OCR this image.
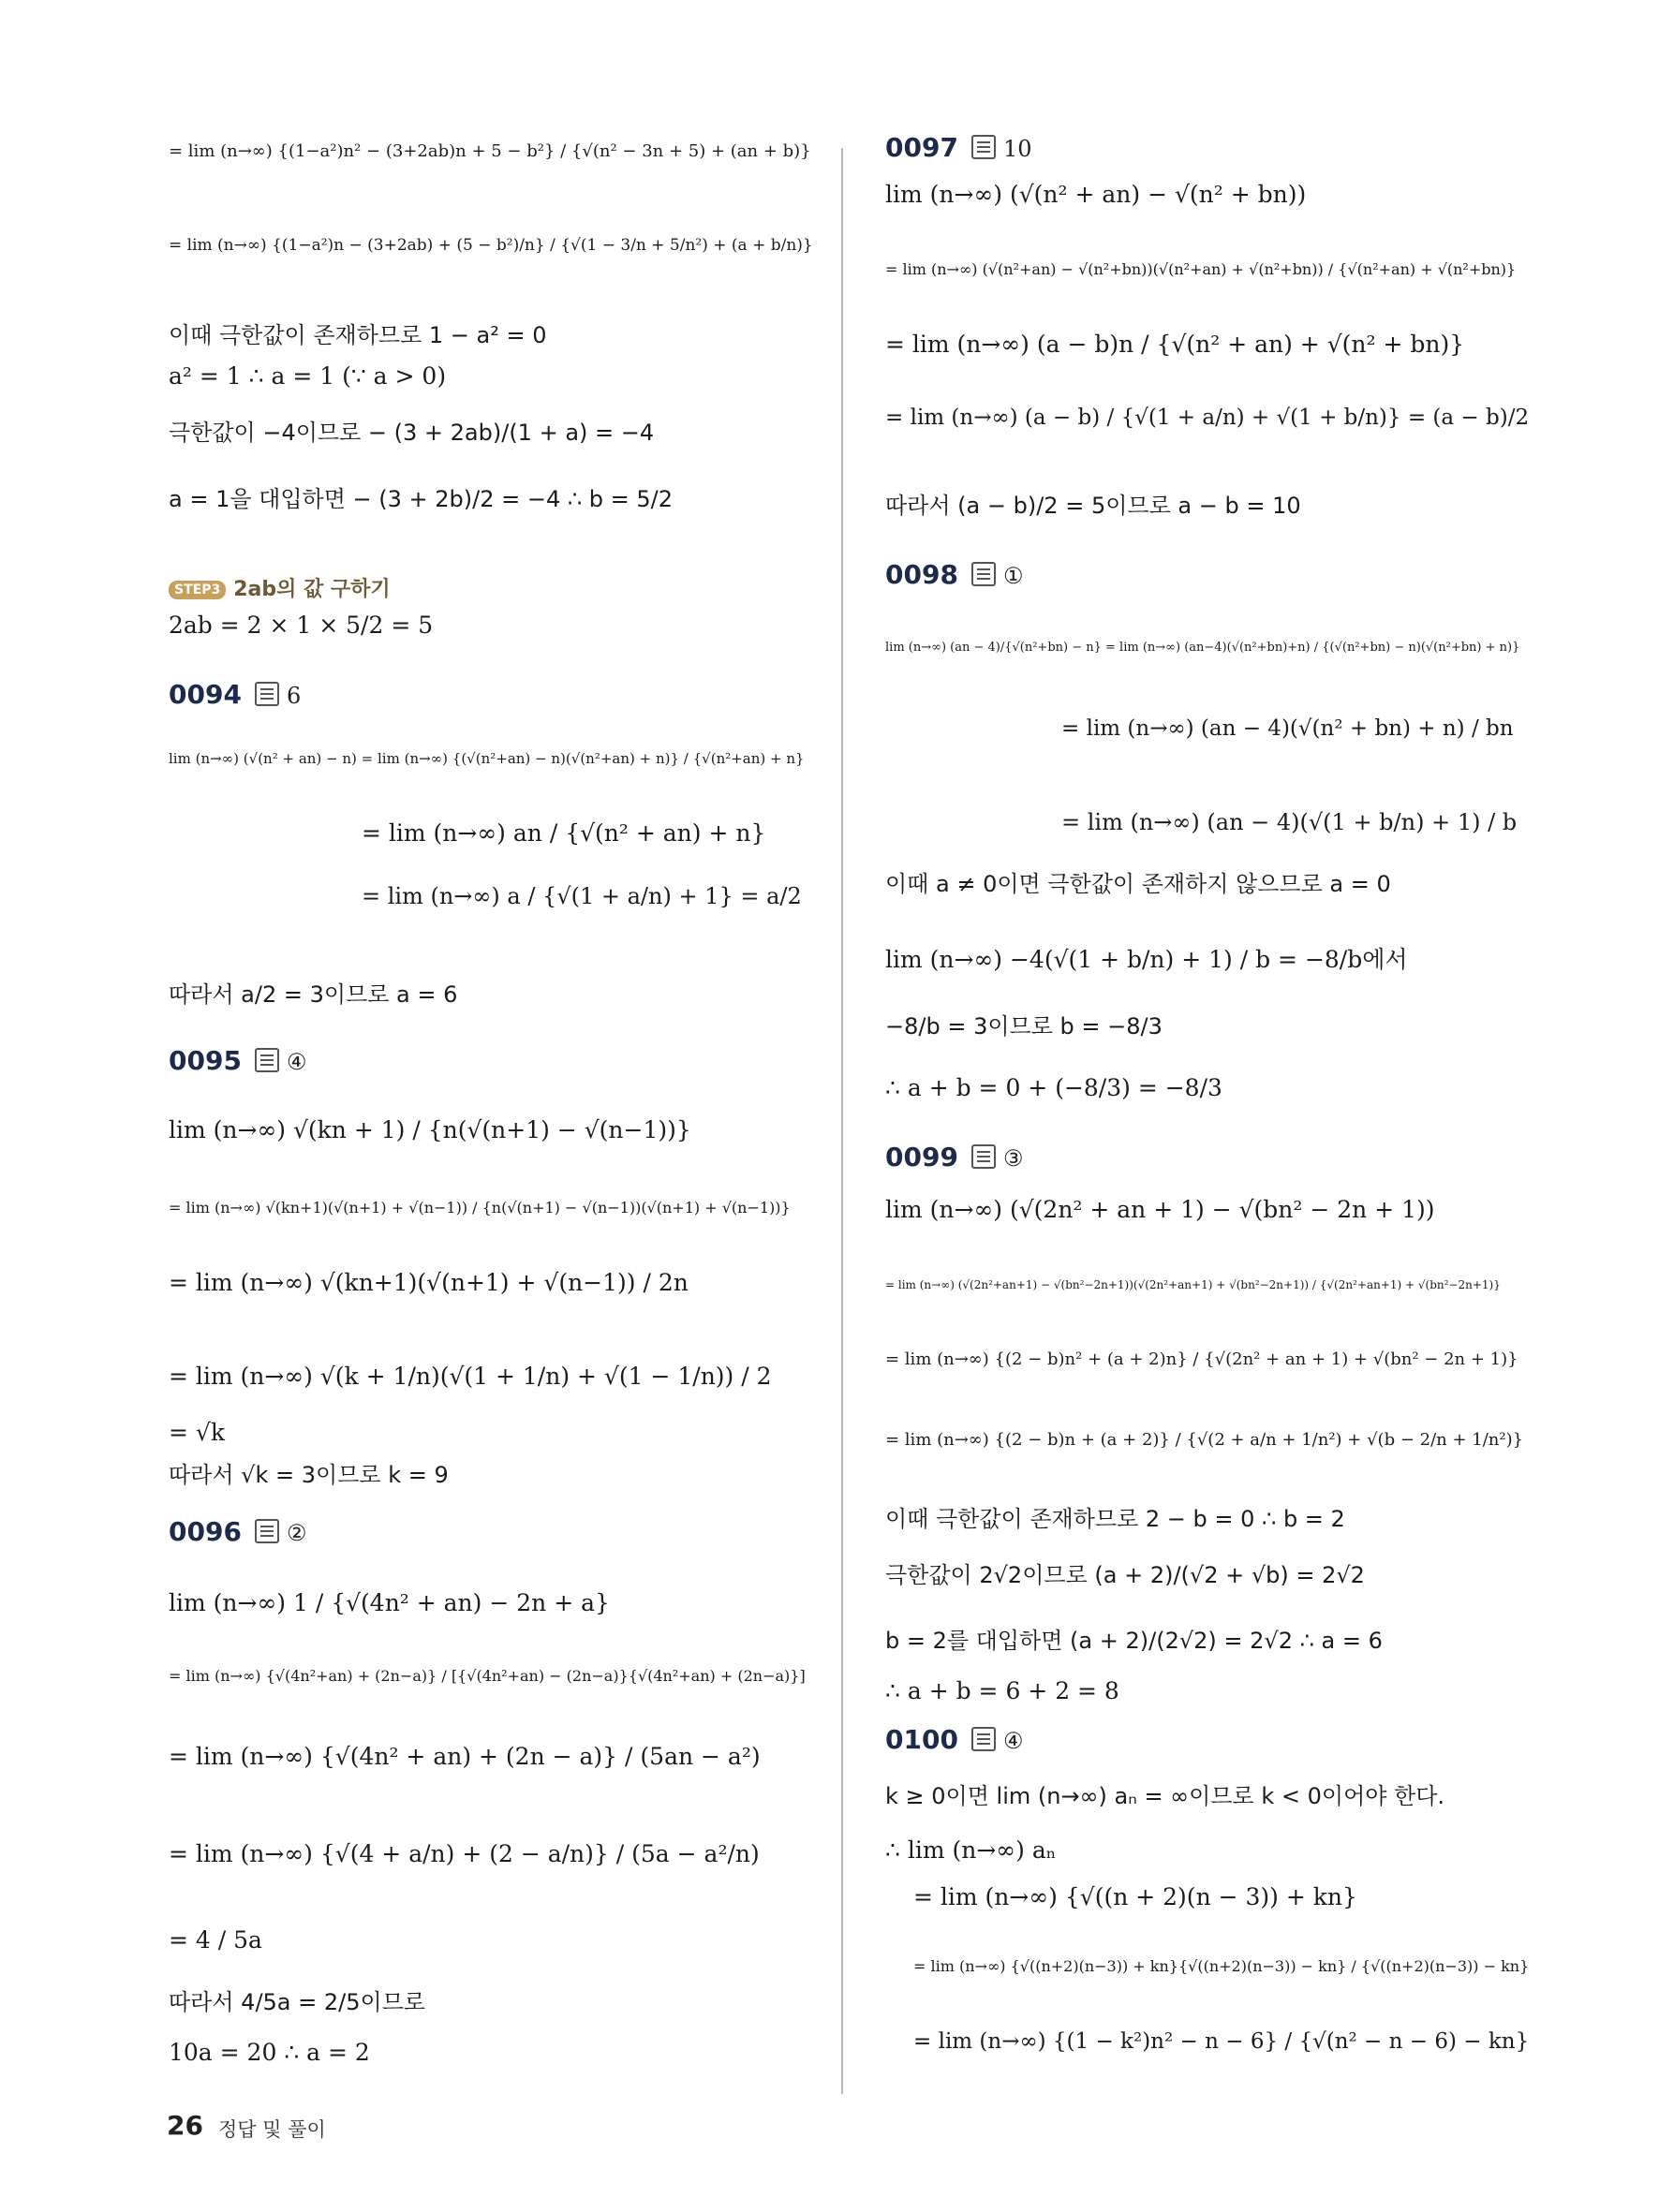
= lim (n→∞) {(1−a²)n² − (3+2ab)n + 5 − b²} / {√(n² − 3n + 5) + (an + b)}
= lim (n→∞) {(1−a²)n − (3+2ab) + (5 − b²)/n} / {√(1 − 3/n + 5/n²) + (a + b/n)}
이때 극한값이 존재하므로 1 − a² = 0
a² = 1 ∴ a = 1 (∵ a > 0)
극한값이 −4이므로 − (3 + 2ab)/(1 + a) = −4
a = 1을 대입하면 − (3 + 2b)/2 = −4 ∴ b = 5/2
2ab = 2 × 1 × 5/2 = 5
lim (n→∞) (√(n² + an) − n) = lim (n→∞) {(√(n²+an) − n)(√(n²+an) + n)} / {√(n²+an) + n}
= lim (n→∞) an / {√(n² + an) + n}
= lim (n→∞) a / {√(1 + a/n) + 1} = a/2
따라서 a/2 = 3이므로 a = 6
lim (n→∞) √(kn + 1) / {n(√(n+1) − √(n−1))}
= lim (n→∞) √(kn+1)(√(n+1) + √(n−1)) / {n(√(n+1) − √(n−1))(√(n+1) + √(n−1))}
= lim (n→∞) √(kn+1)(√(n+1) + √(n−1)) / 2n
= lim (n→∞) √(k + 1/n)(√(1 + 1/n) + √(1 − 1/n)) / 2
= √k
따라서 √k = 3이므로 k = 9
lim (n→∞) 1 / {√(4n² + an) − 2n + a}
= lim (n→∞) {√(4n²+an) + (2n−a)} / [{√(4n²+an) − (2n−a)}{√(4n²+an) + (2n−a)}]
= lim (n→∞) {√(4n² + an) + (2n − a)} / (5an − a²)
= lim (n→∞) {√(4 + a/n) + (2 − a/n)} / (5a − a²/n)
= 4 / 5a
따라서 4/5a = 2/5이므로
10a = 20 ∴ a = 2
0094 6
0095 ④
0096 ②
lim (n→∞) (√(n² + an) − √(n² + bn))
= lim (n→∞) (√(n²+an) − √(n²+bn))(√(n²+an) + √(n²+bn)) / {√(n²+an) + √(n²+bn)}
= lim (n→∞) (a − b)n / {√(n² + an) + √(n² + bn)}
= lim (n→∞) (a − b) / {√(1 + a/n) + √(1 + b/n)} = (a − b)/2
따라서 (a − b)/2 = 5이므로 a − b = 10
lim (n→∞) (an − 4)/{√(n²+bn) − n} = lim (n→∞) (an−4)(√(n²+bn)+n) / {(√(n²+bn) − n)(√(n²+bn) + n)}
= lim (n→∞) (an − 4)(√(n² + bn) + n) / bn
= lim (n→∞) (an − 4)(√(1 + b/n) + 1) / b
이때 a ≠ 0이면 극한값이 존재하지 않으므로 a = 0
lim (n→∞) −4(√(1 + b/n) + 1) / b = −8/b에서
−8/b = 3이므로 b = −8/3
∴ a + b = 0 + (−8/3) = −8/3
lim (n→∞) (√(2n² + an + 1) − √(bn² − 2n + 1))
= lim (n→∞) (√(2n²+an+1) − √(bn²−2n+1))(√(2n²+an+1) + √(bn²−2n+1)) / {√(2n²+an+1) + √(bn²−2n+1)}
= lim (n→∞) {(2 − b)n² + (a + 2)n} / {√(2n² + an + 1) + √(bn² − 2n + 1)}
= lim (n→∞) {(2 − b)n + (a + 2)} / {√(2 + a/n + 1/n²) + √(b − 2/n + 1/n²)}
이때 극한값이 존재하므로 2 − b = 0 ∴ b = 2
극한값이 2√2이므로 (a + 2)/(√2 + √b) = 2√2
b = 2를 대입하면 (a + 2)/(2√2) = 2√2 ∴ a = 6
∴ a + b = 6 + 2 = 8
k ≥ 0이면 lim (n→∞) aₙ = ∞이므로 k < 0이어야 한다.
∴ lim (n→∞) aₙ
= lim (n→∞) {√((n + 2)(n − 3)) + kn}
= lim (n→∞) {√((n+2)(n−3)) + kn}{√((n+2)(n−3)) − kn} / {√((n+2)(n−3)) − kn}
= lim (n→∞) {(1 − k²)n² − n − 6} / {√(n² − n − 6) − kn}
0097 10
0098 ①
0099 ③
0100 ④
STEP3 2ab의 값 구하기
26 정답 및 풀이
